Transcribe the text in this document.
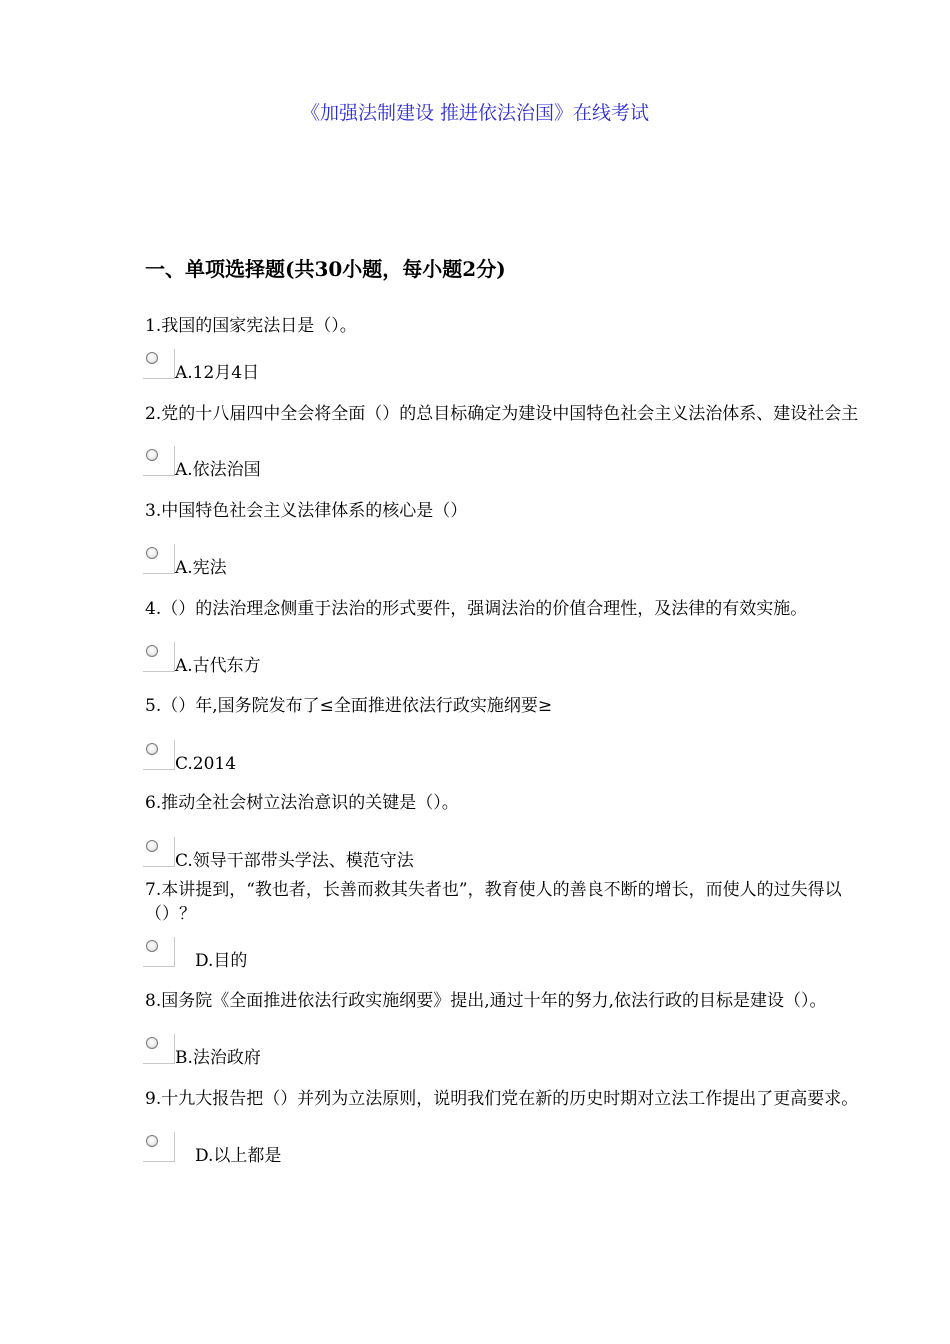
《加强法制建设 推进依法治国》在线考试
一、单项选择题(共30小题，每小题2分)
1.我国的国家宪法日是（）。
A.12月4日
2.党的十八届四中全会将全面（）的总目标确定为建设中国特色社会主义法治体系、建设社会主
A.依法治国
3.中国特色社会主义法律体系的核心是（）
A.宪法
4.（）的法治理念侧重于法治的形式要件，强调法治的价值合理性，及法律的有效实施。
A.古代东方
5.（）年,国务院发布了≤全面推进依法行政实施纲要≥
C.2014
6.推动全社会树立法治意识的关键是（）。
C.领导干部带头学法、模范守法
7.本讲提到，“教也者，长善而救其失者也”，教育使人的善良不断的增长，而使人的过失得以
（）？
D.目的
8.国务院《全面推进依法行政实施纲要》提出,通过十年的努力,依法行政的目标是建设（）。
B.法治政府
9.十九大报告把（）并列为立法原则，说明我们党在新的历史时期对立法工作提出了更高要求。
D.以上都是
